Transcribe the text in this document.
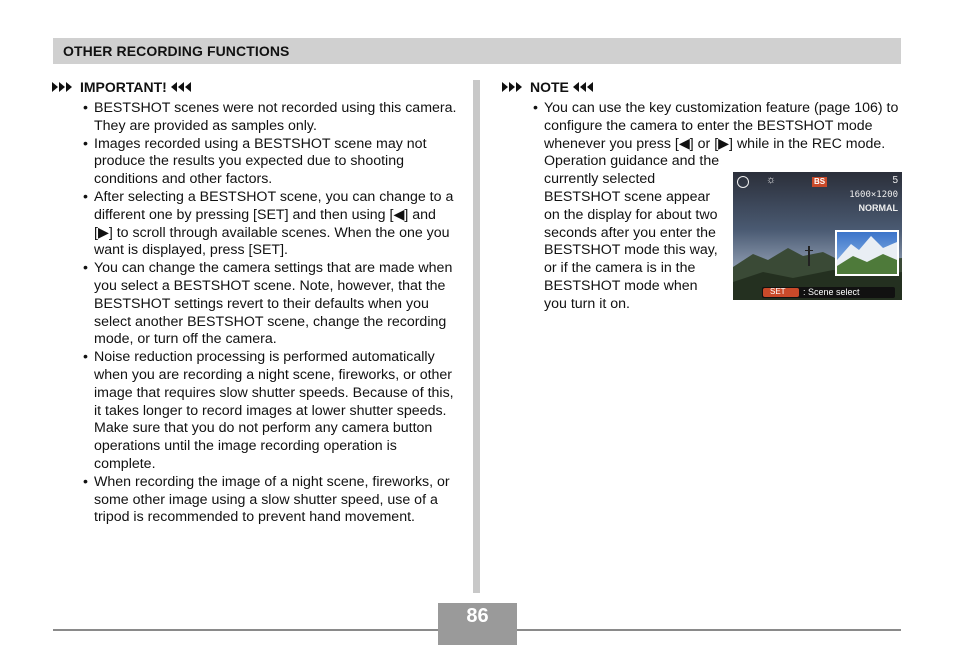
OTHER RECORDING FUNCTIONS
IMPORTANT!
• BESTSHOT scenes were not recorded using this camera. They are provided as samples only.
• Images recorded using a BESTSHOT scene may not produce the results you expected due to shooting conditions and other factors.
• After selecting a BESTSHOT scene, you can change to a different one by pressing [SET] and then using [◀] and [▶] to scroll through available scenes. When the one you want is displayed, press [SET].
• You can change the camera settings that are made when you select a BESTSHOT scene. Note, however, that the BESTSHOT settings revert to their defaults when you select another BESTSHOT scene, change the recording mode, or turn off the camera.
• Noise reduction processing is performed automatically when you are recording a night scene, fireworks, or other image that requires slow shutter speeds. Because of this, it takes longer to record images at lower shutter speeds. Make sure that you do not perform any camera button operations until the image recording operation is complete.
• When recording the image of a night scene, fireworks, or some other image using a slow shutter speed, use of a tripod is recommended to prevent hand movement.
NOTE
• You can use the key customization feature (page 106) to configure the camera to enter the BESTSHOT mode whenever you press [◀] or [▶] while in the REC mode.
Operation guidance and the currently selected BESTSHOT scene appear on the display for about two seconds after you enter the BESTSHOT mode this way, or if the camera is in the BESTSHOT mode when you turn it on.
☼	BS	5
1600×1200
NORMAL
SET : Scene select
86
